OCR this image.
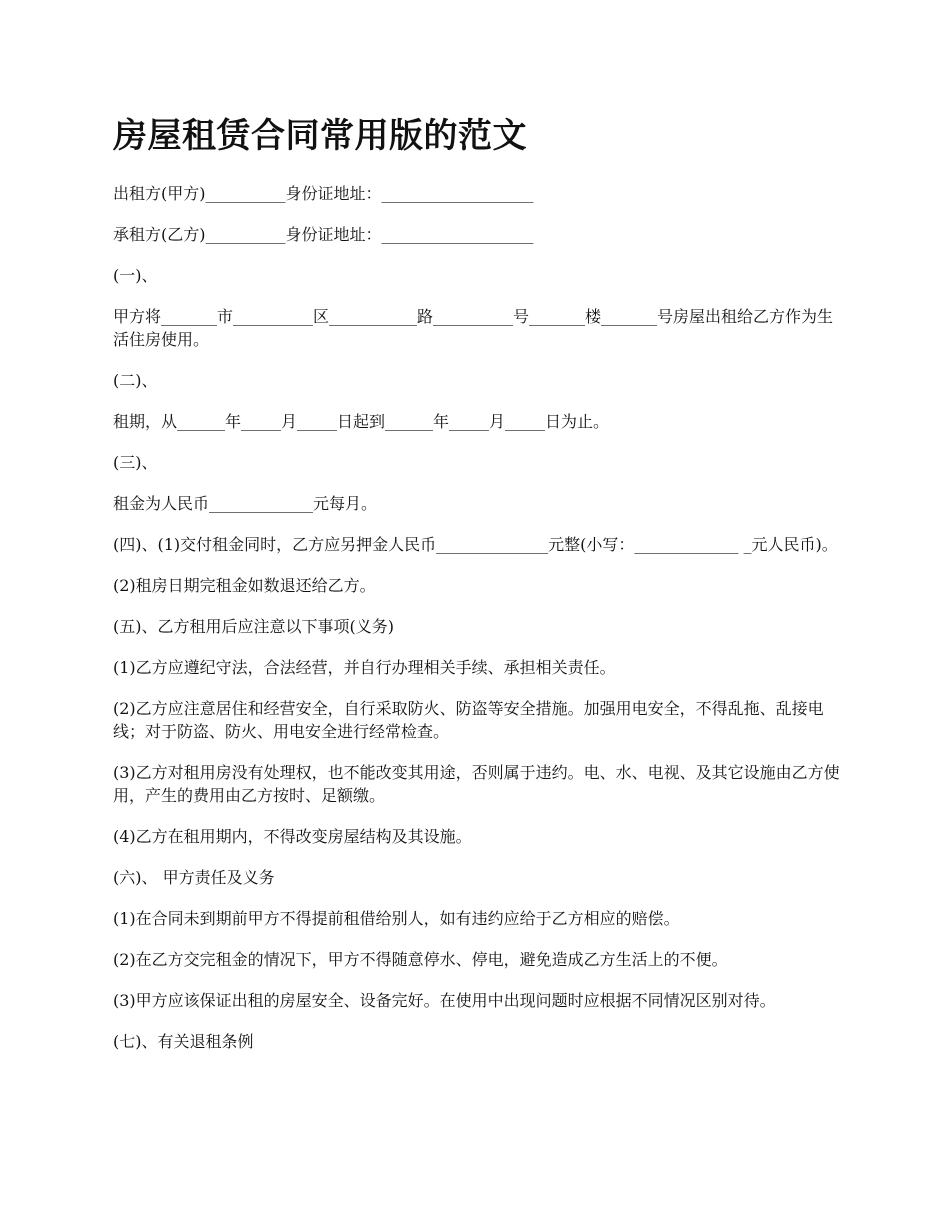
房屋租赁合同常用版的范文

出租方(甲方)__________身份证地址：___________________

承租方(乙方)__________身份证地址：___________________

(一)、

甲方将_______市__________区___________路__________号_______楼_______号房屋出租给乙方作为生活住房使用。

(二)、

租期，从______年_____月_____日起到______年_____月_____日为止。

(三)、

租金为人民币_____________元每月。

(四)、(1)交付租金同时，乙方应另押金人民币______________元整(小写：_____________ _元人民币)。

(2)租房日期完租金如数退还给乙方。

(五)、乙方租用后应注意以下事项(义务)

(1)乙方应遵纪守法，合法经营，并自行办理相关手续、承担相关责任。

(2)乙方应注意居住和经营安全，自行采取防火、防盗等安全措施。加强用电安全，不得乱拖、乱接电线；对于防盗、防火、用电安全进行经常检查。

(3)乙方对租用房没有处理权，也不能改变其用途，否则属于违约。电、水、电视、及其它设施由乙方使用，产生的费用由乙方按时、足额缴。

(4)乙方在租用期内，不得改变房屋结构及其设施。

(六)、 甲方责任及义务

(1)在合同未到期前甲方不得提前租借给别人，如有违约应给于乙方相应的赔偿。

(2)在乙方交完租金的情况下，甲方不得随意停水、停电，避免造成乙方生活上的不便。

(3)甲方应该保证出租的房屋安全、设备完好。在使用中出现问题时应根据不同情况区别对待。

(七)、有关退租条例
